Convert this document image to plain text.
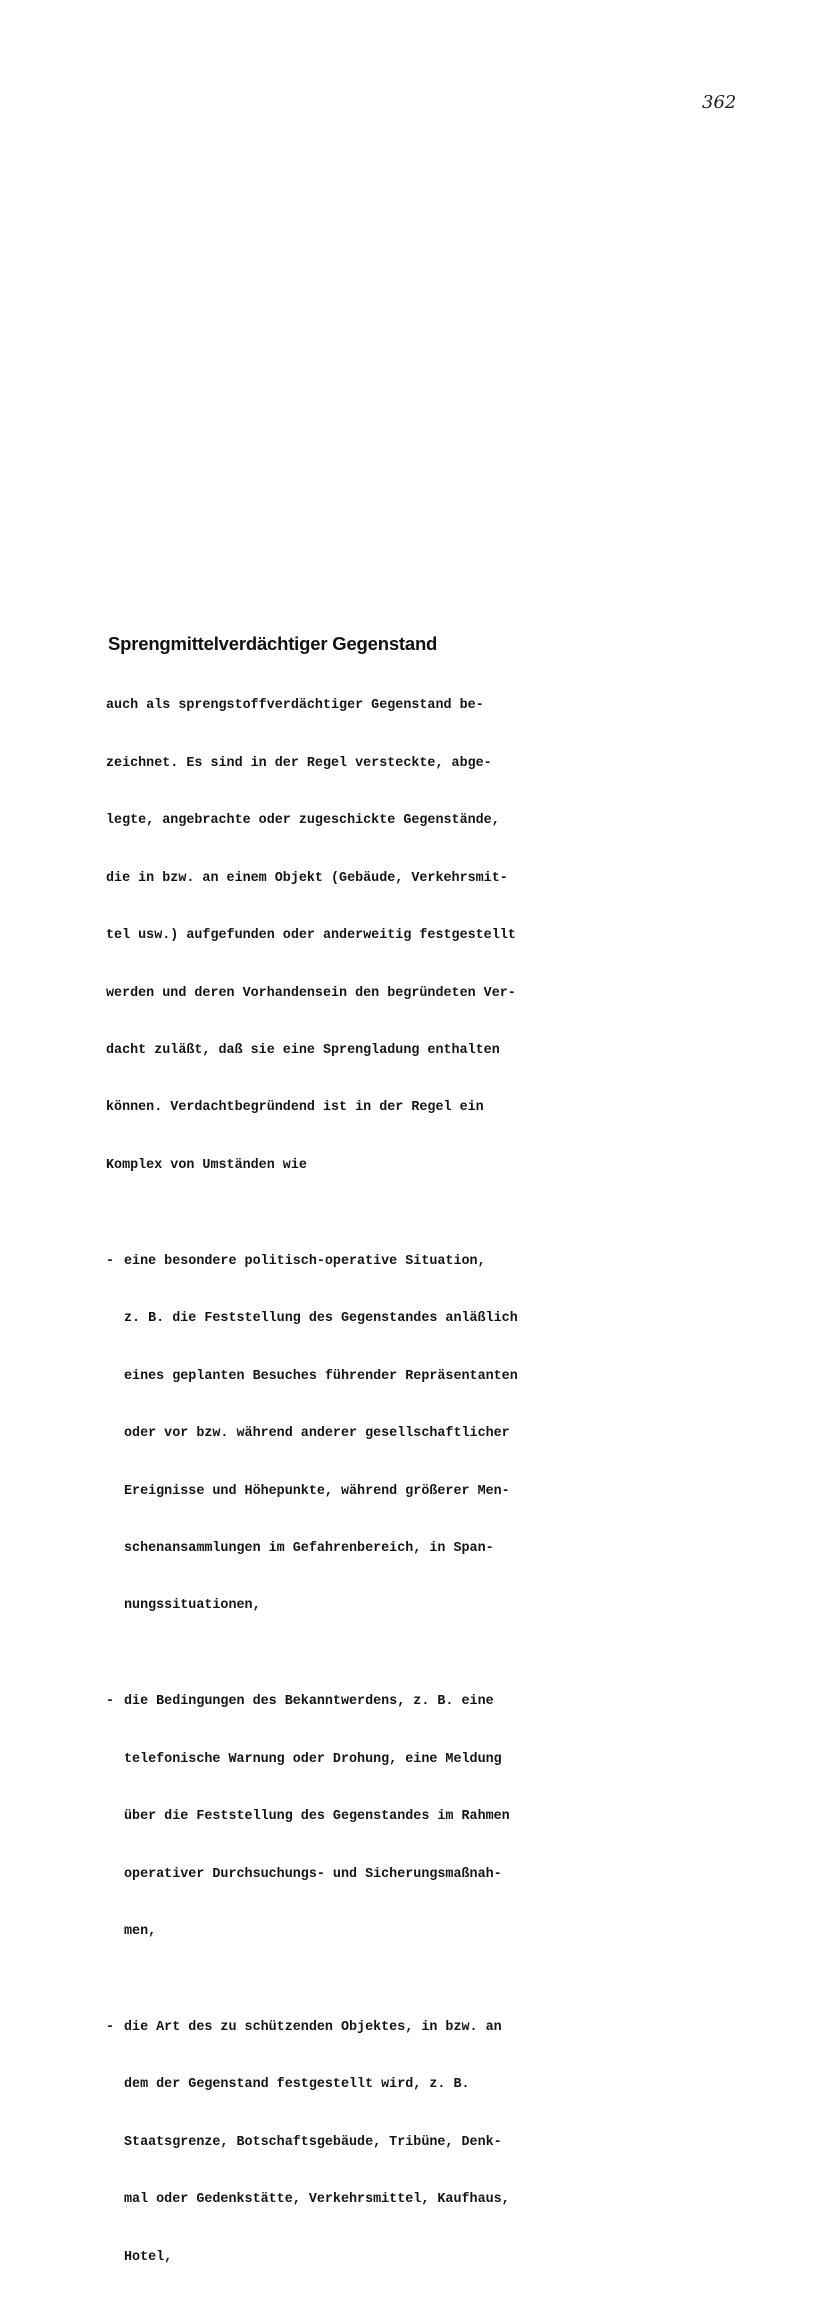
362
Sprengmittelverdächtiger Gegenstand

auch als sprengstoffverdächtiger Gegenstand be-

zeichnet. Es sind in der Regel versteckte, abge-

legte, angebrachte oder zugeschickte Gegenstände,

die in bzw. an einem Objekt (Gebäude, Verkehrsmit-

tel usw.) aufgefunden oder anderweitig festgestellt

werden und deren Vorhandensein den begründeten Ver-

dacht zuläßt, daß sie eine Sprengladung enthalten

können. Verdachtbegründend ist in der Regel ein

Komplex von Umständen wie

- eine besondere politisch-operative Situation,

z. B. die Feststellung des Gegenstandes anläßlich

eines geplanten Besuches führender Repräsentanten

oder vor bzw. während anderer gesellschaftlicher

Ereignisse und Höhepunkte, während größerer Men-

schenansammlungen im Gefahrenbereich, in Span-

nungssituationen,

- die Bedingungen des Bekanntwerdens, z. B. eine

telefonische Warnung oder Drohung, eine Meldung

über die Feststellung des Gegenstandes im Rahmen

operativer Durchsuchungs- und Sicherungsmaßnah-

men,

- die Art des zu schützenden Objektes, in bzw. an

dem der Gegenstand festgestellt wird, z. B.

Staatsgrenze, Botschaftsgebäude, Tribüne, Denk-

mal oder Gedenkstätte, Verkehrsmittel, Kaufhaus,

Hotel,
